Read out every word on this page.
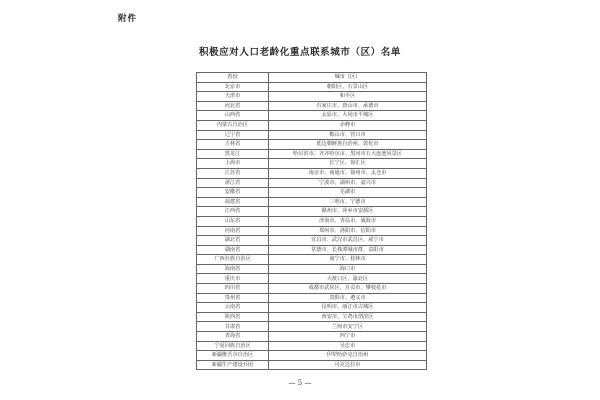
附件
积极应对人口老龄化重点联系城市（区）名单
省份	城市（区）
北京市	朝阳区、石景山区
天津市	和平区
河北省	石家庄市、唐山市、承德市
山西省	太原市、大同市平城区
内蒙古自治区	赤峰市
辽宁省	鞍山市、营口市
吉林省	延边朝鲜族自治州、敦化市
黑龙江	哈尔滨市、齐齐哈尔市、黑河市五大连池风景区
上海市	长宁区、徐汇区
江苏省	南京市、南通市、徐州市、太仓市
浙江省	宁波市、湖州市、嘉兴市
安徽省	芜湖市
福建省	三明市、宁德市
江西省	赣州市、萍乡市安源区
山东省	济南市、青岛市、威海市
河南省	郑州市、洛阳市、信阳市
湖北省	宜昌市、武汉市武昌区、咸宁市
湖南省	常德市、长株潭城市群、益阳市
广西壮族自治区	南宁市、桂林市
海南省	海口市
重庆市	大渡口区、渝北区
四川省	成都市武侯区、自贡市、攀枝花市
贵州省	贵阳市、遵义市
云南省	昆明市、丽江市古城区
陕西省	西安市、宝鸡市渭滨区
甘肃省	兰州市安宁区
青海省	西宁市
宁夏回族自治区	吴忠市
新疆维吾尔自治区	伊犁哈萨克自治州
新疆生产建设兵团	可克达拉市
— 5 —
